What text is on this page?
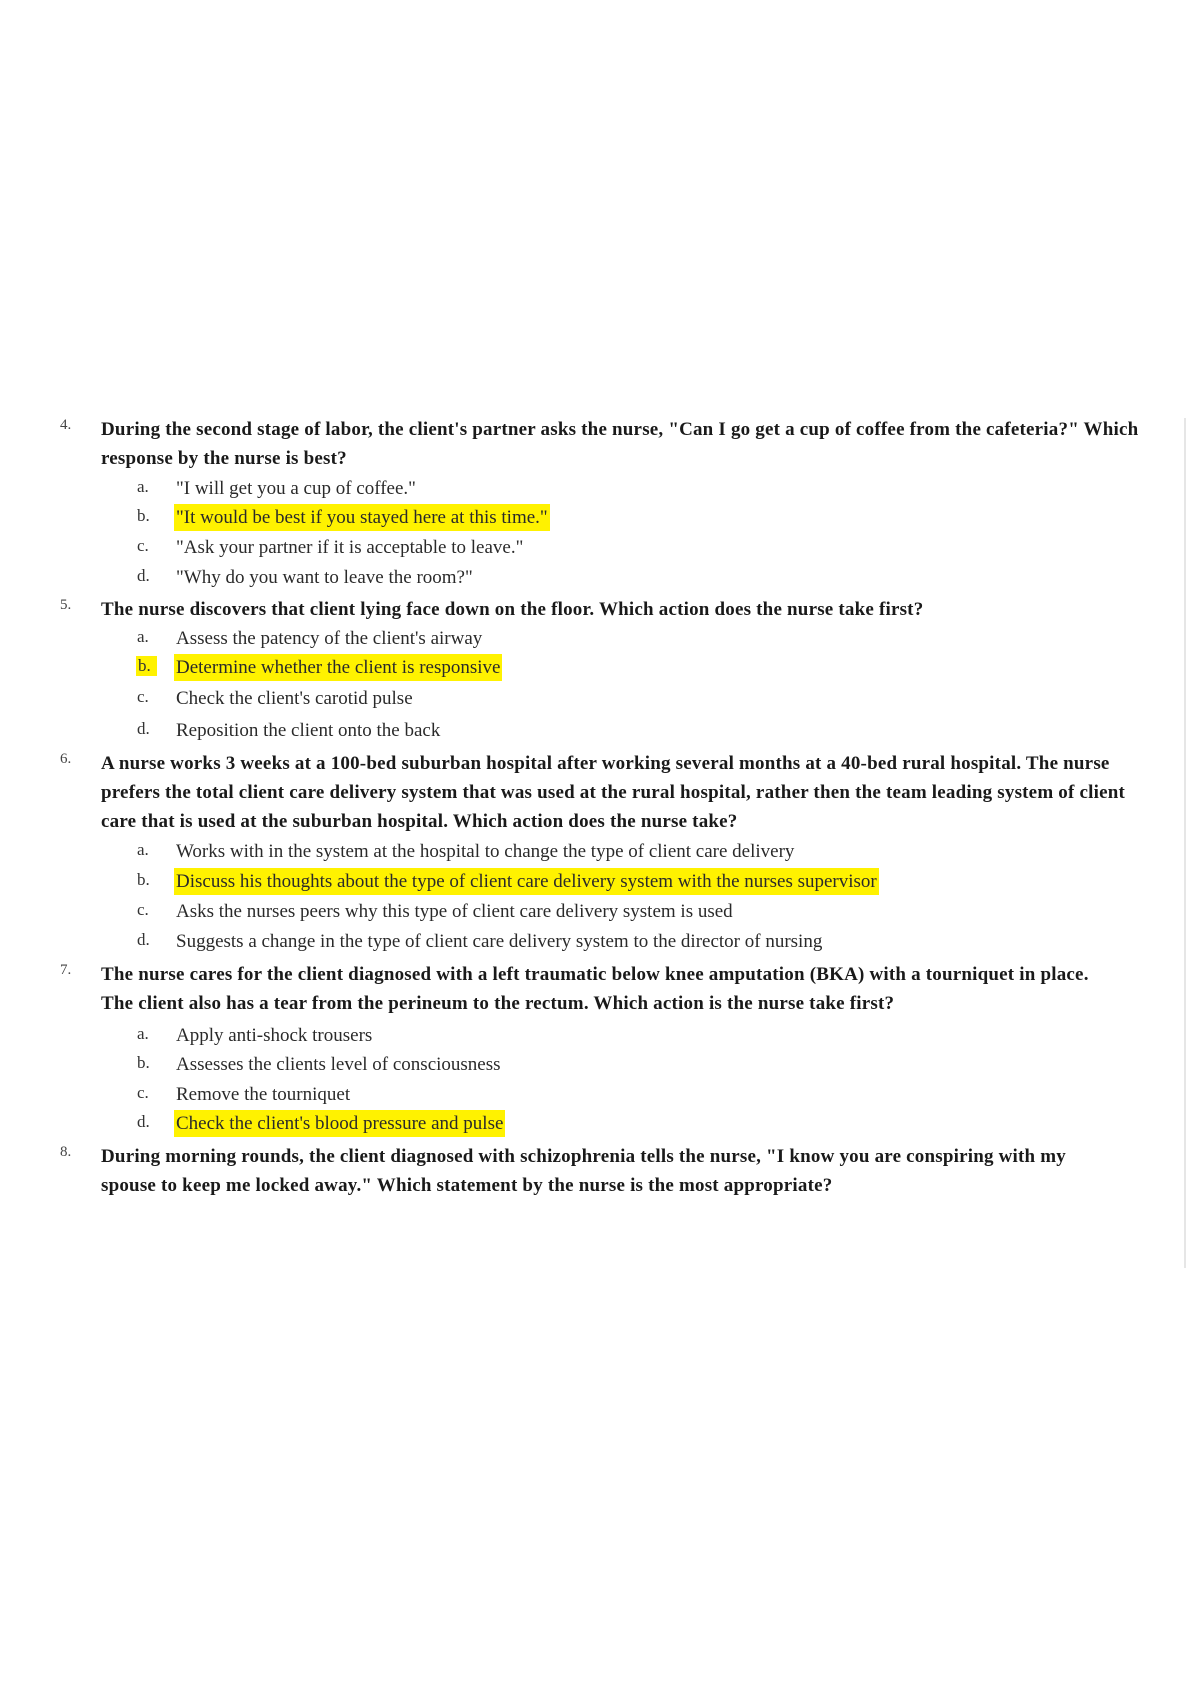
4. During the second stage of labor, the client's partner asks the nurse, "Can I go get a cup of coffee from the cafeteria?" Which response by the nurse is best?
a. "I will get you a cup of coffee."
b. "It would be best if you stayed here at this time."
c. "Ask your partner if it is acceptable to leave."
d. "Why do you want to leave the room?"
5. The nurse discovers that client lying face down on the floor. Which action does the nurse take first?
a. Assess the patency of the client's airway
b.	Determine whether the client is responsive
c. Check the client's carotid pulse
d. Reposition the client onto the back
6. A nurse works 3 weeks at a 100-bed suburban hospital after working several months at a 40-bed rural hospital. The nurse prefers the total client care delivery system that was used at the rural hospital, rather then the team leading system of client care that is used at the suburban hospital. Which action does the nurse take?
a. Works with in the system at the hospital to change the type of client care delivery
b. Discuss his thoughts about the type of client care delivery system with the nurses supervisor
c. Asks the nurses peers why this type of client care delivery system is used
d. Suggests a change in the type of client care delivery system to the director of nursing
7. The nurse cares for the client diagnosed with a left traumatic below knee amputation (BKA) with a tourniquet in place. The client also has a tear from the perineum to the rectum. Which action is the nurse take first?
a. Apply anti-shock trousers
b. Assesses the clients level of consciousness
c. Remove the tourniquet
d. Check the client's blood pressure and pulse
8. During morning rounds, the client diagnosed with schizophrenia tells the nurse, "I know you are conspiring with my spouse to keep me locked away." Which statement by the nurse is the most appropriate?
